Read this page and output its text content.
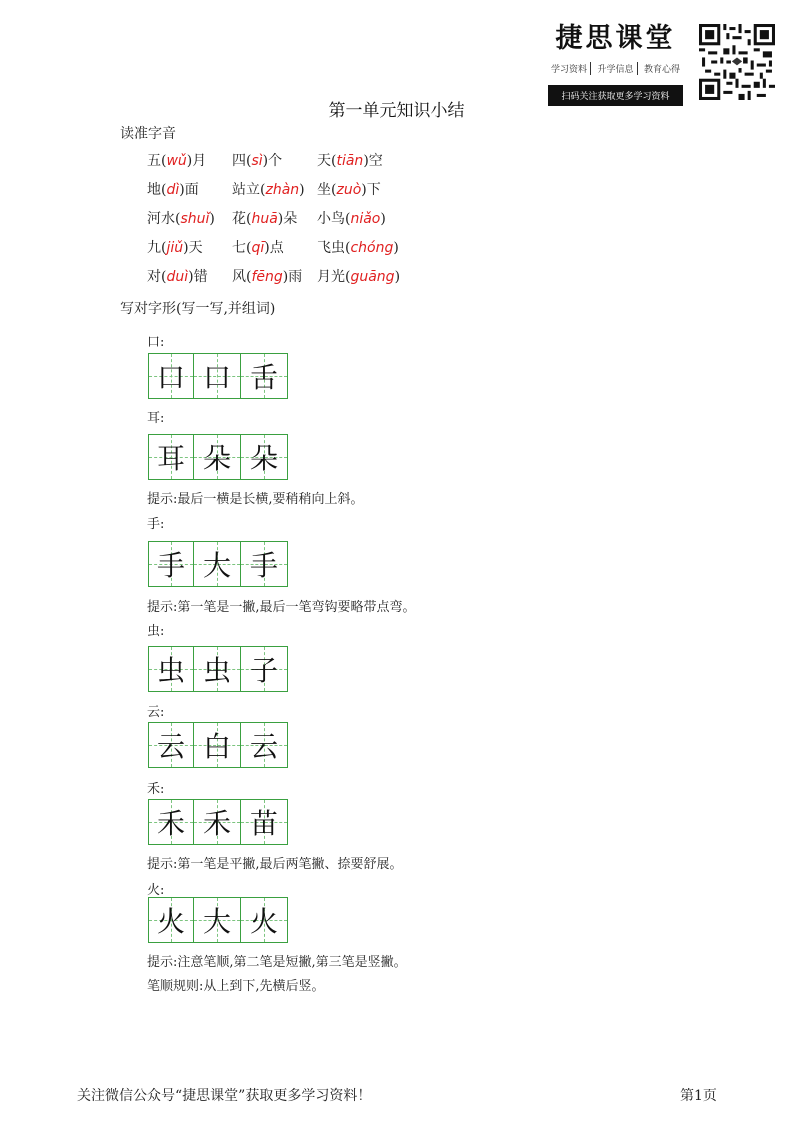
捷思课堂
学习资料	升学信息	教育心得
扫码关注获取更多学习资料
第一单元知识小结
读准字音
五(wǔ)月	四(sì)个	天(tiān)空
地(dì)面	站立(zhàn) 坐(zuò)下
河水(shuǐ)	花(huā)朵	小鸟(niǎo)
九(jiǔ)天	七(qī)点	飞虫(chóng)
对(duì)错	风(fēng)雨	月光(guāng)
写对字形(写一写,并组词)
口:
口 口 舌
耳:
耳 朵 朵
提示:最后一横是长横,要稍稍向上斜。
手:
手 大 手
提示:第一笔是一撇,最后一笔弯钩要略带点弯。
虫:
虫 虫 子
云:
云 白 云
禾:
禾 禾 苗
提示:第一笔是平撇,最后两笔撇、捺要舒展。
火:
火 大 火
提示:注意笔顺,第二笔是短撇,第三笔是竖撇。
笔顺规则:从上到下,先横后竖。
关注微信公众号“捷思课堂”获取更多学习资料！	第1页
